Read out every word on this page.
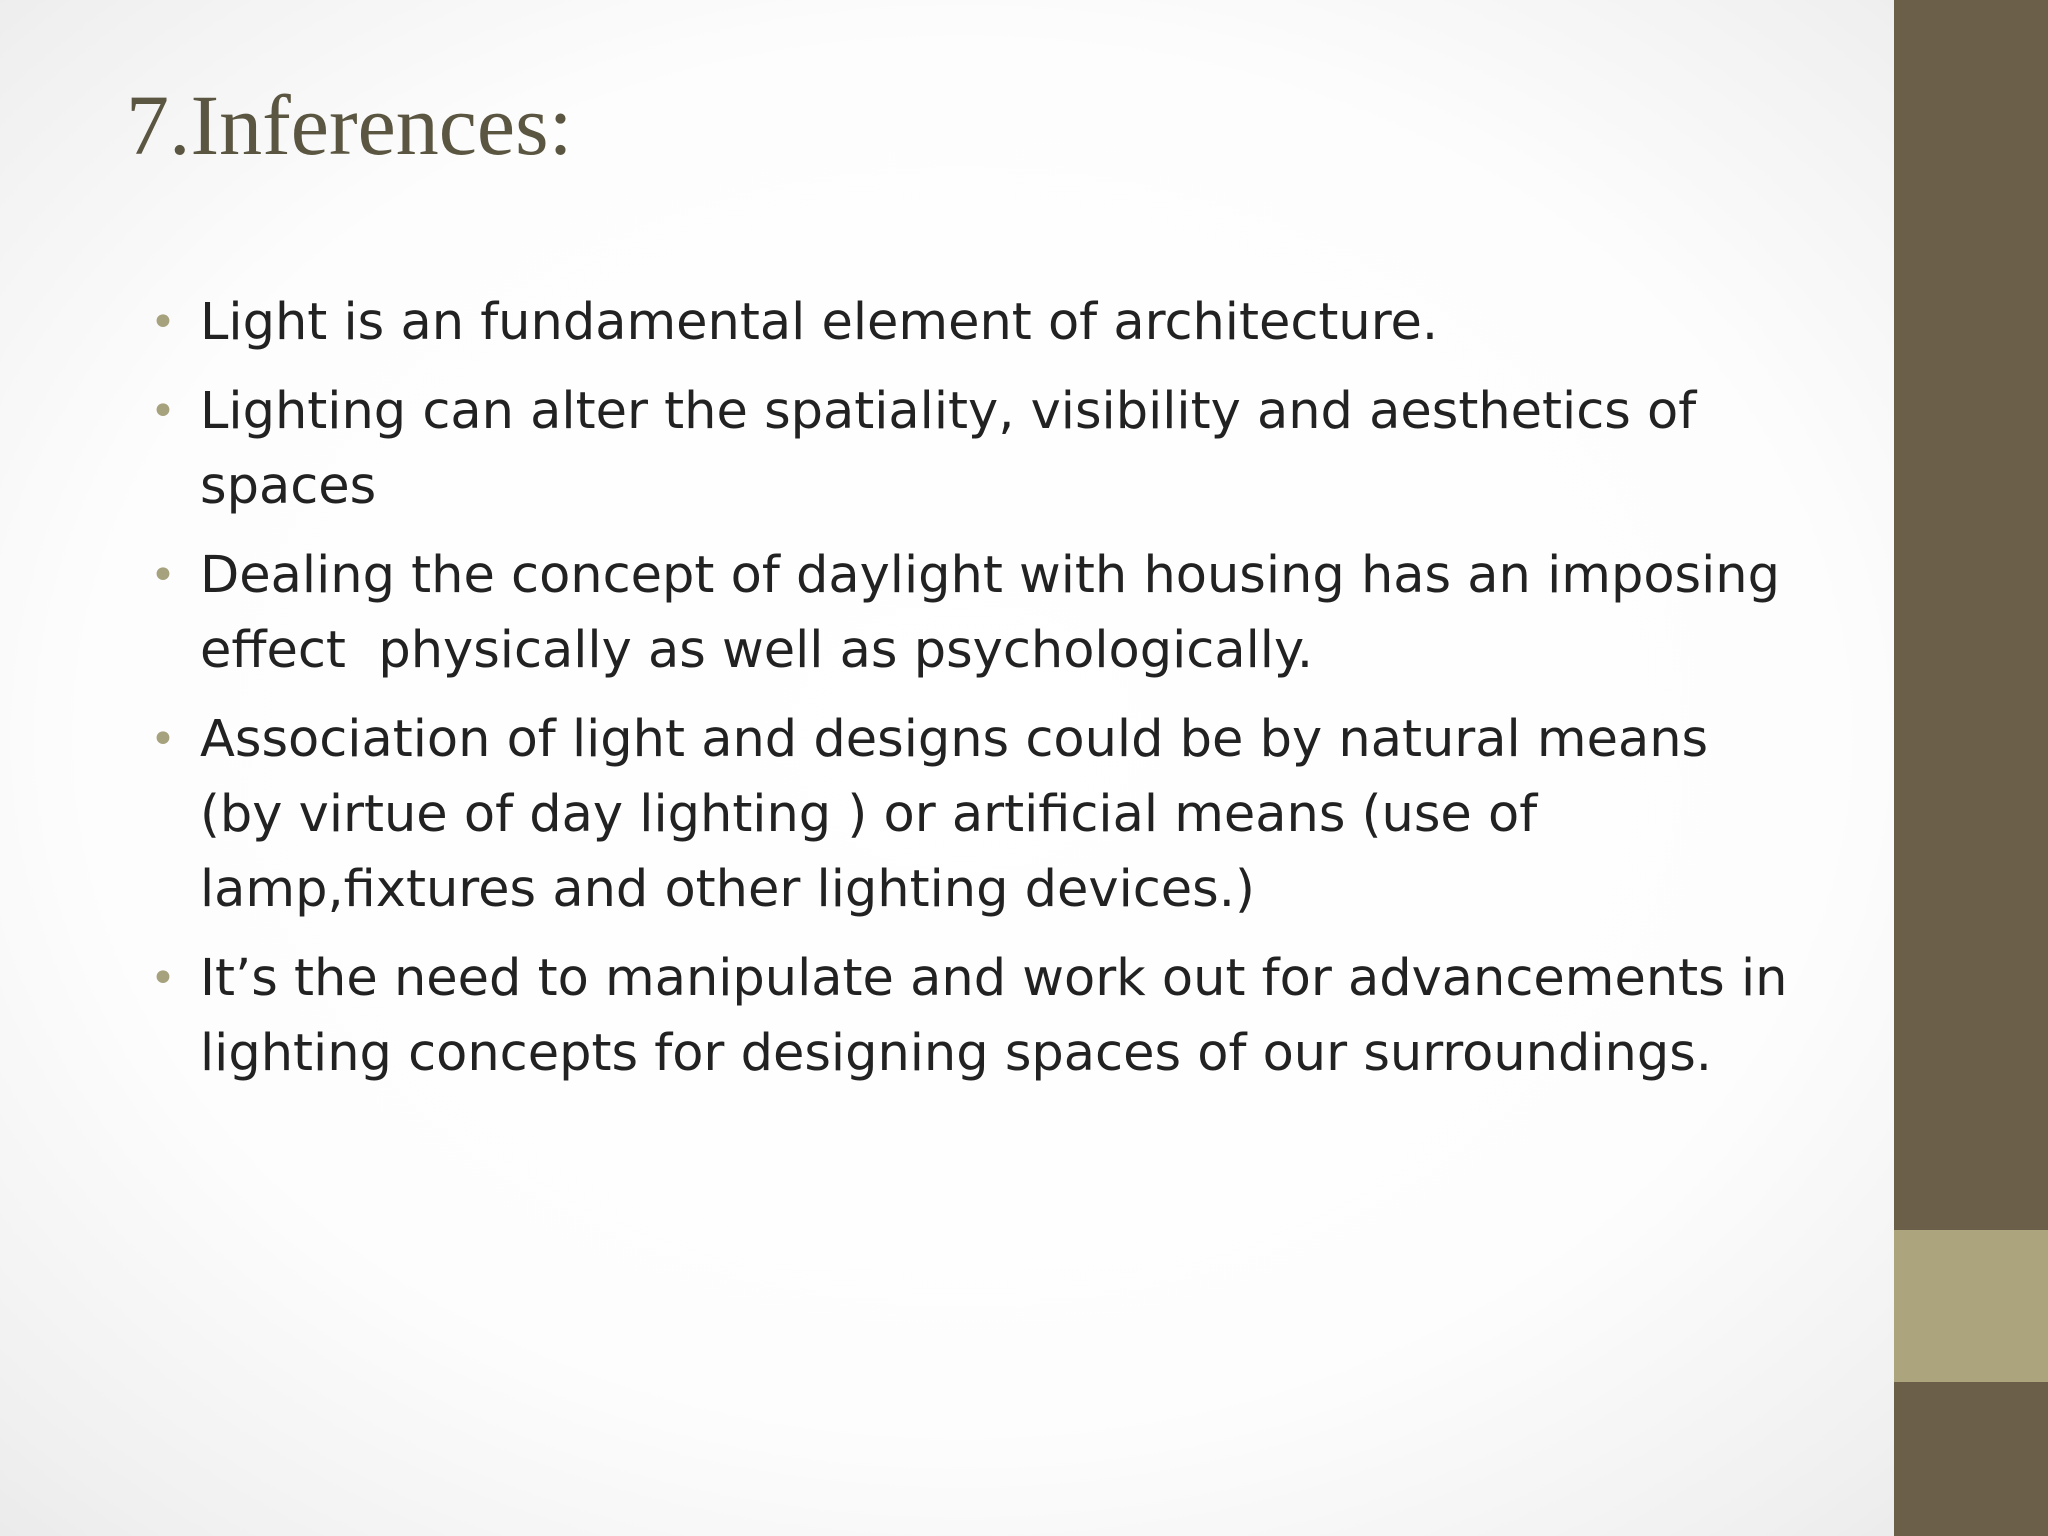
7.Inferences:
• Light is an fundamental element of architecture.
• Lighting can alter the spatiality, visibility and aesthetics of spaces
• Dealing the concept of daylight with housing has an imposing effect  physically as well as psychologically.
• Association of light and designs could be by natural means (by virtue of day lighting ) or artificial means (use of lamp,fixtures and other lighting devices.)
• It’s the need to manipulate and work out for advancements in lighting concepts for designing spaces of our surroundings.
